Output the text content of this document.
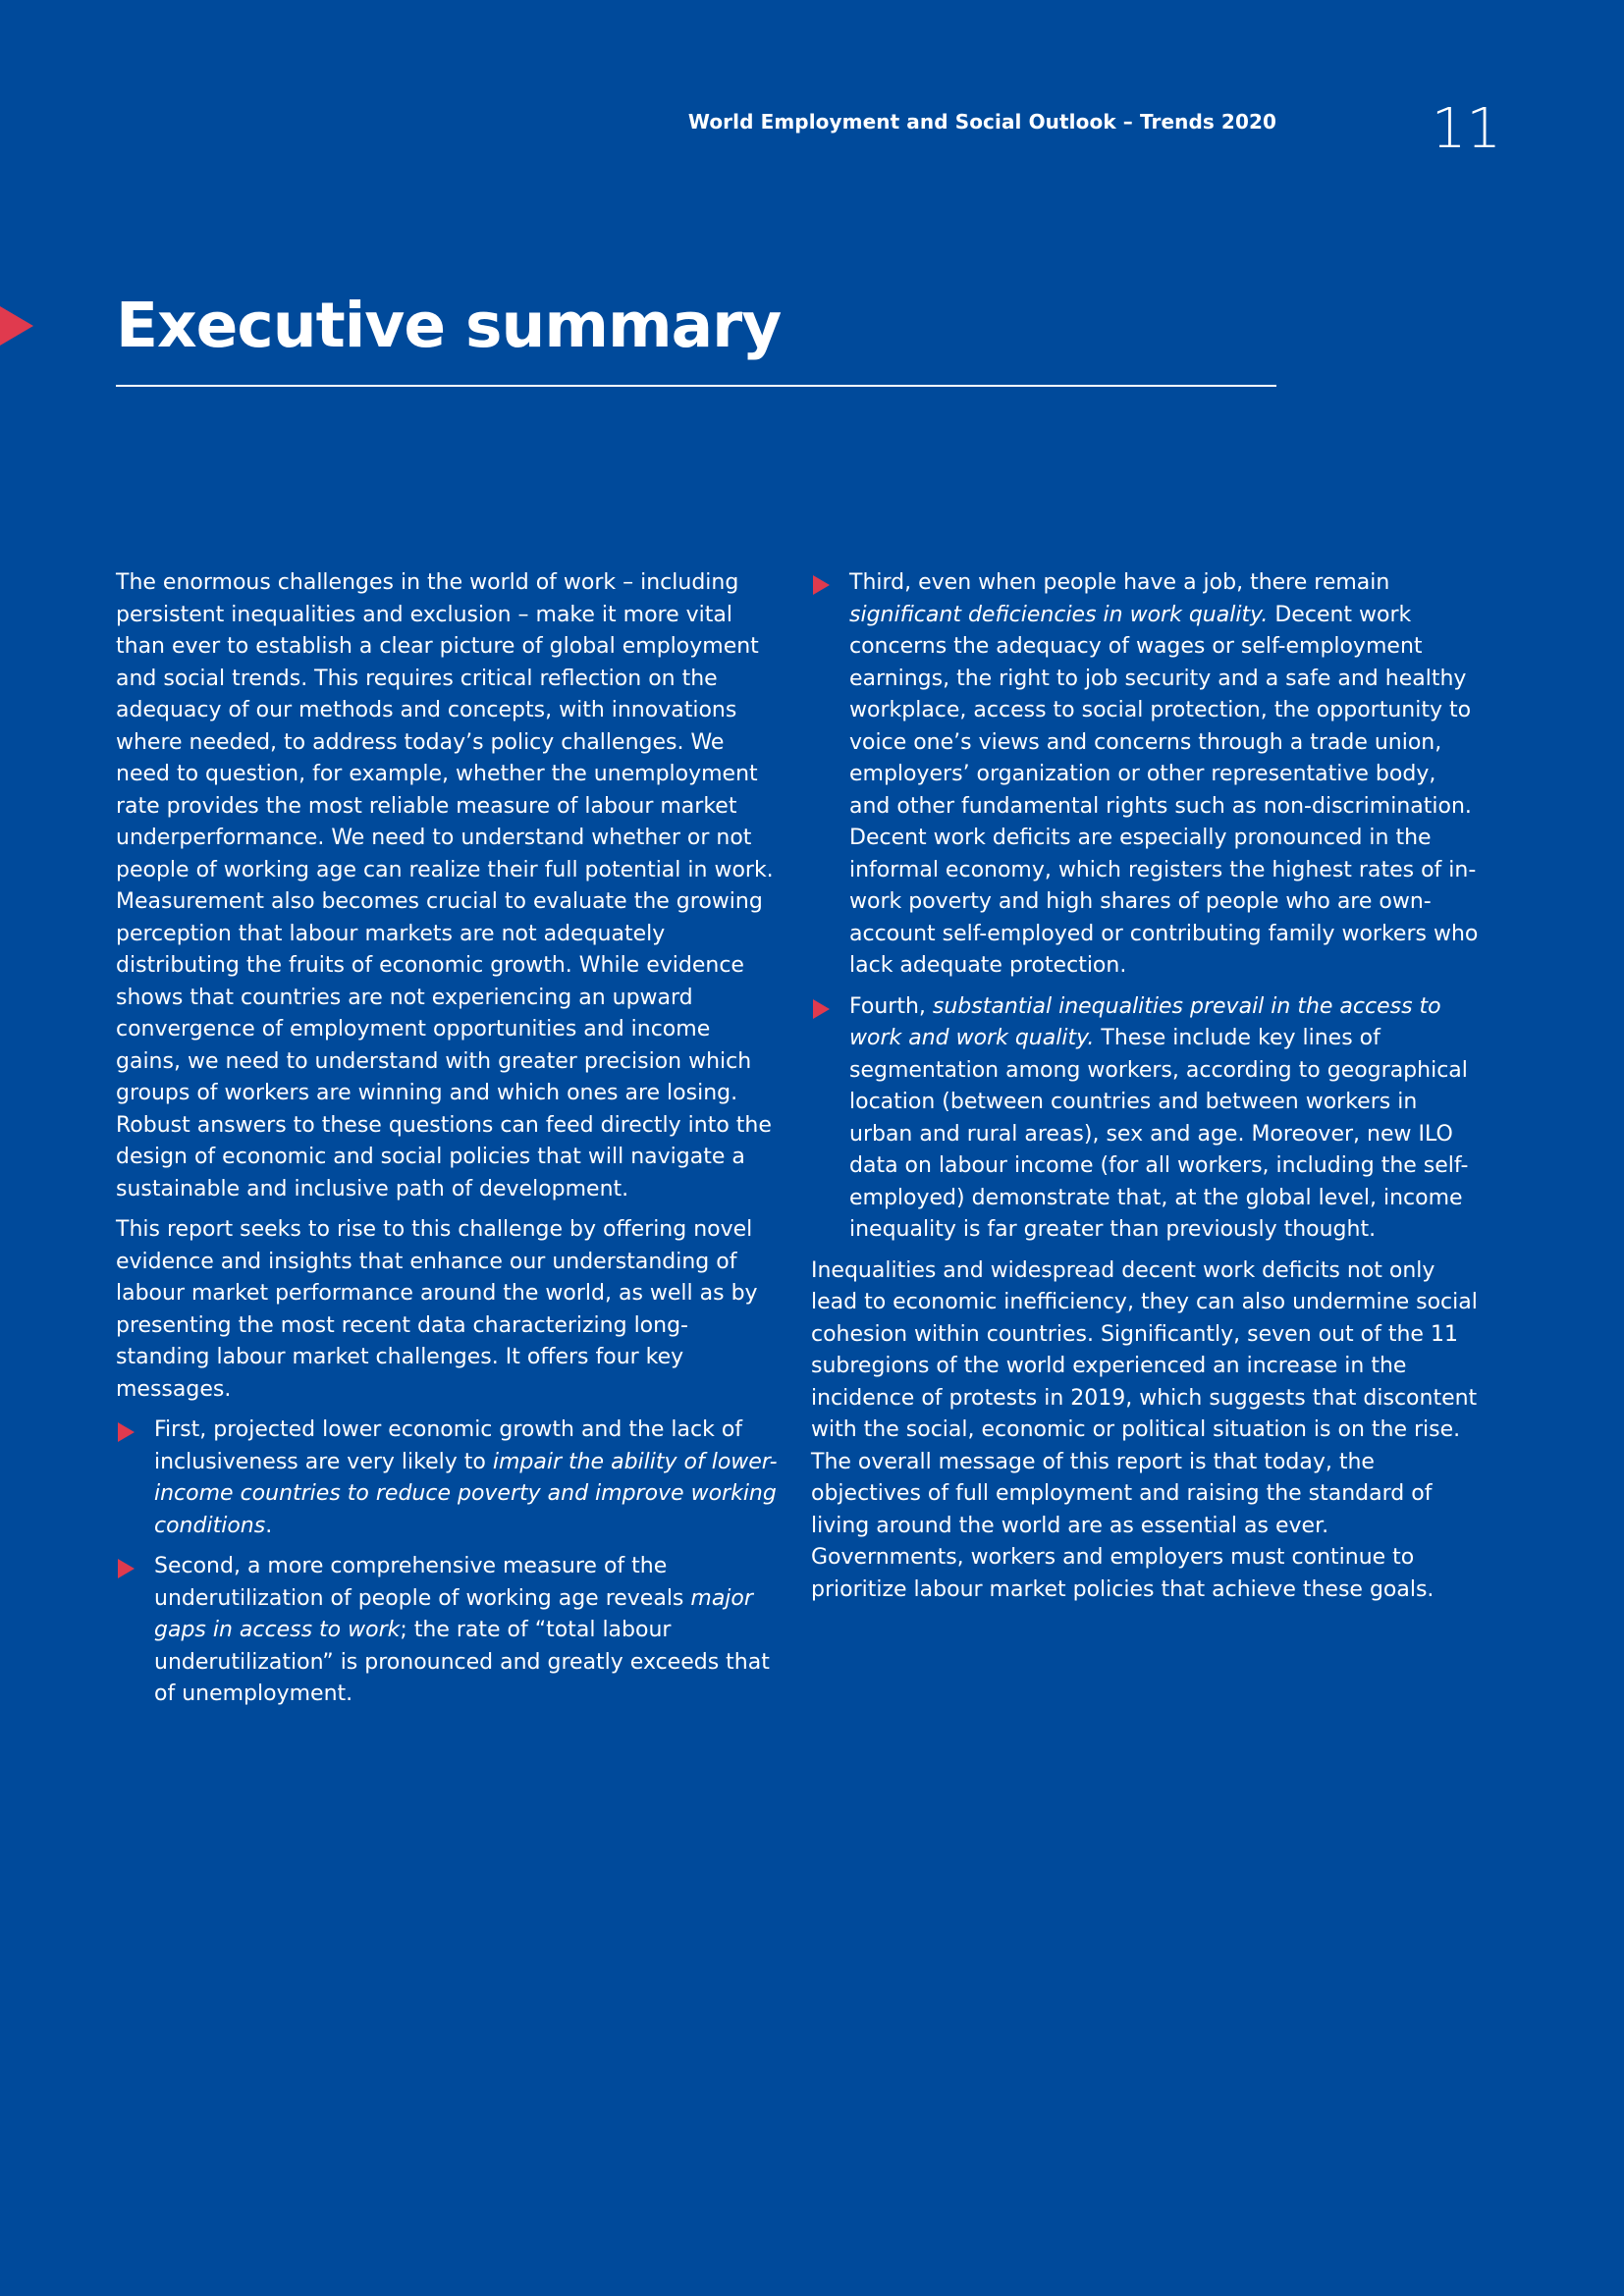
World Employment and Social Outlook – Trends 2020	11
Executive summary

The enormous challenges in the world of work – including persistent inequalities and exclusion – make it more vital than ever to establish a clear picture of global employment and social trends. This requires critical reflection on the adequacy of our methods and concepts, with innovations where needed, to address today’s policy challenges. We need to question, for example, whether the unemployment rate provides the most reliable measure of labour market underperformance. We need to understand whether or not people of working age can realize their full potential in work. Measurement also becomes crucial to evaluate the growing perception that labour markets are not adequately distributing the fruits of economic growth. While evidence shows that countries are not experiencing an upward convergence of employment opportunities and income gains, we need to understand with greater precision which groups of workers are winning and which ones are losing. Robust answers to these questions can feed directly into the design of economic and social policies that will navigate a sustainable and inclusive path of development.

This report seeks to rise to this challenge by offering novel evidence and insights that enhance our understanding of labour market performance around the world, as well as by presenting the most recent data characterizing long-standing labour market challenges. It offers four key messages.

First, projected lower economic growth and the lack of inclusiveness are very likely to impair the ability of lower-income countries to reduce poverty and improve working conditions.
Second, a more comprehensive measure of the underutilization of people of working age reveals major gaps in access to work; the rate of “total labour underutilization” is pronounced and greatly exceeds that of unemployment.
Third, even when people have a job, there remain significant deficiencies in work quality. Decent work concerns the adequacy of wages or self-employment earnings, the right to job security and a safe and healthy workplace, access to social protection, the opportunity to voice one’s views and concerns through a trade union, employers’ organization or other representative body, and other fundamental rights such as non-discrimination. Decent work deficits are especially pronounced in the informal economy, which registers the highest rates of in-work poverty and high shares of people who are own-account self-employed or contributing family workers who lack adequate protection.
Fourth, substantial inequalities prevail in the access to work and work quality. These include key lines of segmentation among workers, according to geographical location (between countries and between workers in urban and rural areas), sex and age. Moreover, new ILO data on labour income (for all workers, including the self-employed) demonstrate that, at the global level, income inequality is far greater than previously thought.

Inequalities and widespread decent work deficits not only lead to economic inefficiency, they can also undermine social cohesion within countries. Significantly, seven out of the 11 subregions of the world experienced an increase in the incidence of protests in 2019, which suggests that discontent with the social, economic or political situation is on the rise. The overall message of this report is that today, the objectives of full employment and raising the standard of living around the world are as essential as ever. Governments, workers and employers must continue to prioritize labour market policies that achieve these goals.
